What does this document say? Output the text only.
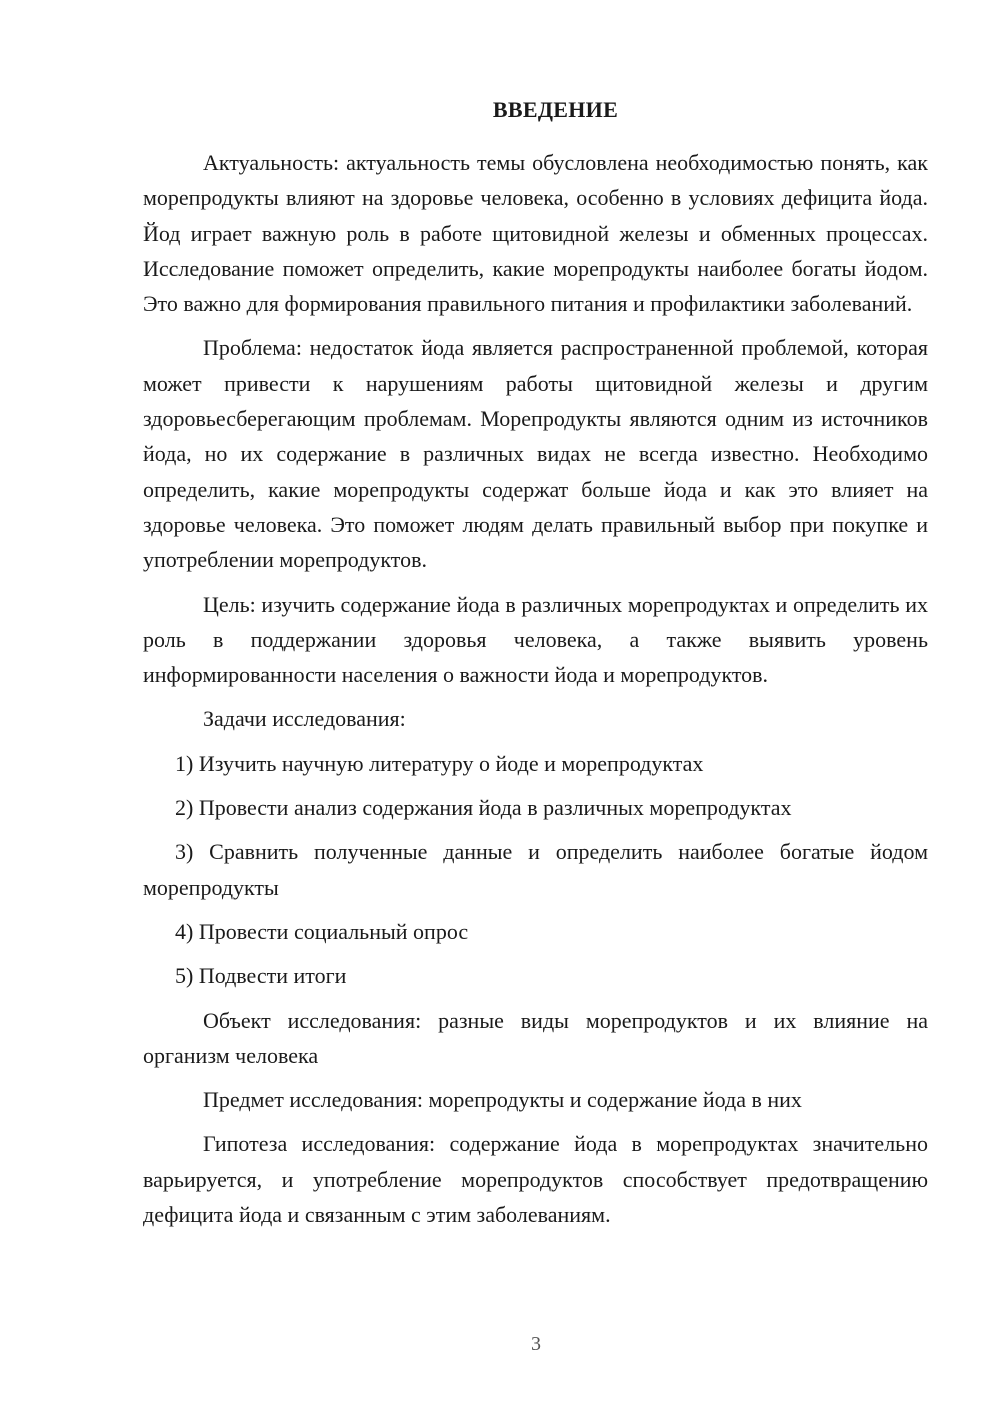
ВВЕДЕНИЕ

Актуальность: актуальность темы обусловлена необходимостью понять, как морепродукты влияют на здоровье человека, особенно в условиях дефицита йода. Йод играет важную роль в работе щитовидной железы и обменных процессах. Исследование поможет определить, какие морепродукты наиболее богаты йодом. Это важно для формирования правильного питания и профилактики заболеваний.

Проблема: недостаток йода является распространенной проблемой, которая может привести к нарушениям работы щитовидной железы и другим здоровьесберегающим проблемам. Морепродукты являются одним из источников йода, но их содержание в различных видах не всегда известно. Необходимо определить, какие морепродукты содержат больше йода и как это влияет на здоровье человека. Это поможет людям делать правильный выбор при покупке и употреблении морепродуктов.

Цель: изучить содержание йода в различных морепродуктах и определить их роль в поддержании здоровья человека, а также выявить уровень информированности населения о важности йода и морепродуктов.

Задачи исследования:

1) Изучить научную литературу о йоде и морепродуктах

2) Провести анализ содержания йода в различных морепродуктах

3) Сравнить полученные данные и определить наиболее богатые йодом морепродукты

4) Провести социальный опрос

5) Подвести итоги

Объект исследования: разные виды морепродуктов и их влияние на организм человека

Предмет исследования: морепродукты и содержание йода в них

Гипотеза исследования: содержание йода в морепродуктах значительно варьируется, и употребление морепродуктов способствует предотвращению дефицита йода и связанным с этим заболеваниям.

3
